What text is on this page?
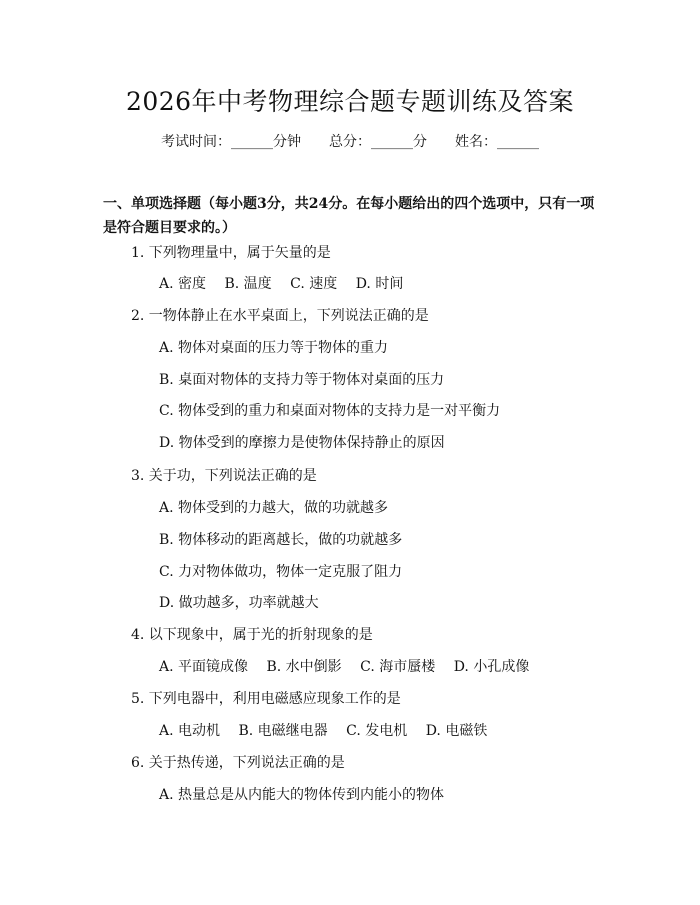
2026年中考物理综合题专题训练及答案
考试时间：______分钟 总分：______分 姓名：______
一、单项选择题（每小题3分，共24分。在每小题给出的四个选项中，只有一项是符合题目要求的。）
1. 下列物理量中，属于矢量的是
A. 密度 B. 温度 C. 速度 D. 时间
2. 一物体静止在水平桌面上，下列说法正确的是
A. 物体对桌面的压力等于物体的重力
B. 桌面对物体的支持力等于物体对桌面的压力
C. 物体受到的重力和桌面对物体的支持力是一对平衡力
D. 物体受到的摩擦力是使物体保持静止的原因
3. 关于功，下列说法正确的是
A. 物体受到的力越大，做的功就越多
B. 物体移动的距离越长，做的功就越多
C. 力对物体做功，物体一定克服了阻力
D. 做功越多，功率就越大
4. 以下现象中，属于光的折射现象的是
A. 平面镜成像 B. 水中倒影 C. 海市蜃楼 D. 小孔成像
5. 下列电器中，利用电磁感应现象工作的是
A. 电动机 B. 电磁继电器 C. 发电机 D. 电磁铁
6. 关于热传递，下列说法正确的是
A. 热量总是从内能大的物体传到内能小的物体
